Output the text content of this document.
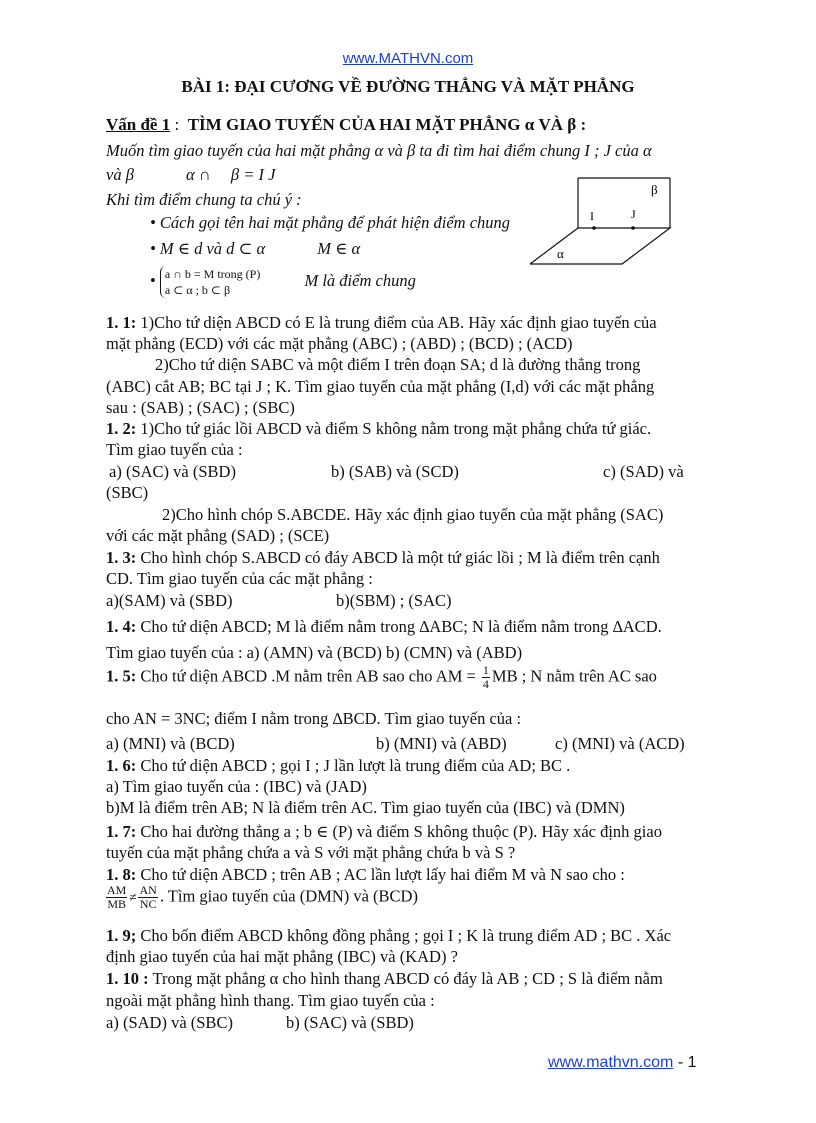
www.MATHVN.com
BÀI 1: ĐẠI CƯƠNG VỀ ĐƯỜNG THẲNG VÀ MẶT PHẲNG
Vấn đề 1 : TÌM GIAO TUYẾN CỦA HAI MẶT PHẲNG α VÀ β :
Muốn tìm giao tuyến của hai mặt phẳng α và β ta đi tìm hai điểm chung I ; J của α
và β	α ∩ β = I J
Khi tìm điểm chung ta chú ý :
• Cách gọi tên hai mặt phẳng để phát hiện điểm chung
• M ∈ d và d ⊂ α	M ∈ α
• a ∩ b = M trong (P)
a ⊂ α ; b ⊂ β
M là điểm chung
β
I	J
α
1. 1: 1)Cho tứ diện ABCD có E là trung điểm của AB. Hãy xác định giao tuyến của
mặt phẳng (ECD) với các mặt phẳng (ABC) ; (ABD) ; (BCD) ; (ACD)
2)Cho tứ diện SABC và một điểm I trên đoạn SA; d là đường thẳng trong
(ABC) cắt AB; BC tại J ; K. Tìm giao tuyến của mặt phẳng (I,d) với các mặt phẳng
sau : (SAB) ; (SAC) ; (SBC)
1. 2: 1)Cho tứ giác lồi ABCD và điểm S không nằm trong mặt phẳng chứa tứ giác.
Tìm giao tuyến của :
a) (SAC) và (SBD)	b) (SAB) và (SCD)	c) (SAD) và
(SBC)
2)Cho hình chóp S.ABCDE. Hãy xác định giao tuyến của mặt phẳng (SAC)
với các mặt phẳng (SAD) ; (SCE)
1. 3: Cho hình chóp S.ABCD có đáy ABCD là một tứ giác lồi ; M là điểm trên cạnh
CD. Tìm giao tuyến của các mặt phẳng :
a)(SAM) và (SBD)	b)(SBM) ; (SAC)
1. 4: Cho tứ diện ABCD; M là điểm nằm trong ∆ABC; N là điểm nằm trong ∆ACD.
Tìm giao tuyến của : a) (AMN) và (BCD) b) (CMN) và (ABD)
1. 5: Cho tứ diện ABCD .M nằm trên AB sao cho AM = $\frac{1}{4}$ MB ; N nằm trên AC sao
cho AN = 3NC; điểm I nằm trong ∆BCD. Tìm giao tuyến của :
a) (MNI) và (BCD)	b) (MNI) và (ABD)	c) (MNI) và (ACD)
1. 6: Cho tứ diện ABCD ; gọi I ; J lần lượt là trung điểm của AD; BC .
a) Tìm giao tuyến của : (IBC) và (JAD)
b)M là điểm trên AB; N là điểm trên AC. Tìm giao tuyến của (IBC) và (DMN)
1. 7: Cho hai đường thẳng a ; b ∈ (P) và điểm S không thuộc (P). Hãy xác định giao
tuyến của mặt phẳng chứa a và S với mặt phẳng chứa b và S ?
1. 8: Cho tứ diện ABCD ; trên AB ; AC lần lượt lấy hai điểm M và N sao cho :
$\frac{AM}{MB} \ne \frac{AN}{NC}$ . Tìm giao tuyến của (DMN) và (BCD)
1. 9; Cho bốn điểm ABCD không đồng phẳng ; gọi I ; K là trung điểm AD ; BC . Xác
định giao tuyến của hai mặt phẳng (IBC) và (KAD) ?
1. 10 : Trong mặt phẳng α cho hình thang ABCD có đáy là AB ; CD ; S là điểm nằm
ngoài mặt phẳng hình thang. Tìm giao tuyến của :
a) (SAD) và (SBC)	b) (SAC) và (SBD)
www.mathvn.com - 1
